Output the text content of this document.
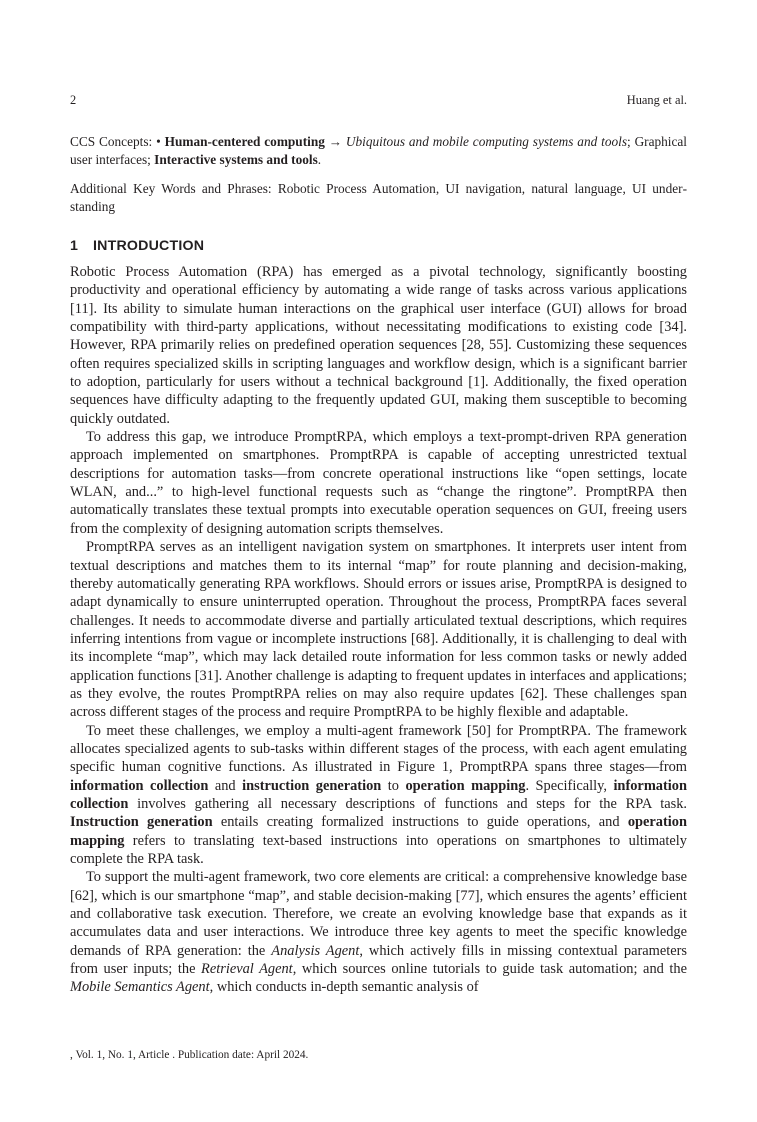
2	Huang et al.
CCS Concepts: • Human-centered computing → Ubiquitous and mobile computing systems and tools; Graphical user interfaces; Interactive systems and tools.
Additional Key Words and Phrases: Robotic Process Automation, UI navigation, natural language, UI understanding
1 INTRODUCTION

Robotic Process Automation (RPA) has emerged as a pivotal technology, significantly boosting productivity and operational efficiency by automating a wide range of tasks across various applications [11]. Its ability to simulate human interactions on the graphical user interface (GUI) allows for broad compatibility with third-party applications, without necessitating modifications to existing code [34]. However, RPA primarily relies on predefined operation sequences [28, 55]. Customizing these sequences often requires specialized skills in scripting languages and workflow design, which is a significant barrier to adoption, particularly for users without a technical background [1]. Additionally, the fixed operation sequences have difficulty adapting to the frequently updated GUI, making them susceptible to becoming quickly outdated.

To address this gap, we introduce PromptRPA, which employs a text-prompt-driven RPA generation approach implemented on smartphones. PromptRPA is capable of accepting unrestricted textual descriptions for automation tasks—from concrete operational instructions like “open settings, locate WLAN, and...” to high-level functional requests such as “change the ringtone”. PromptRPA then automatically translates these textual prompts into executable operation sequences on GUI, freeing users from the complexity of designing automation scripts themselves.

PromptRPA serves as an intelligent navigation system on smartphones. It interprets user intent from textual descriptions and matches them to its internal “map” for route planning and decision-making, thereby automatically generating RPA workflows. Should errors or issues arise, PromptRPA is designed to adapt dynamically to ensure uninterrupted operation. Throughout the process, PromptRPA faces several challenges. It needs to accommodate diverse and partially articulated textual descriptions, which requires inferring intentions from vague or incomplete instructions [68]. Additionally, it is challenging to deal with its incomplete “map”, which may lack detailed route information for less common tasks or newly added application functions [31]. Another challenge is adapting to frequent updates in interfaces and applications; as they evolve, the routes PromptRPA relies on may also require updates [62]. These challenges span across different stages of the process and require PromptRPA to be highly flexible and adaptable.

To meet these challenges, we employ a multi-agent framework [50] for PromptRPA. The framework allocates specialized agents to sub-tasks within different stages of the process, with each agent emulating specific human cognitive functions. As illustrated in Figure 1, PromptRPA spans three stages—from information collection and instruction generation to operation mapping. Specifically, information collection involves gathering all necessary descriptions of functions and steps for the RPA task. Instruction generation entails creating formalized instructions to guide operations, and operation mapping refers to translating text-based instructions into operations on smartphones to ultimately complete the RPA task.

To support the multi-agent framework, two core elements are critical: a comprehensive knowledge base [62], which is our smartphone “map”, and stable decision-making [77], which ensures the agents’ efficient and collaborative task execution. Therefore, we create an evolving knowledge base that expands as it accumulates data and user interactions. We introduce three key agents to meet the specific knowledge demands of RPA generation: the Analysis Agent, which actively fills in missing contextual parameters from user inputs; the Retrieval Agent, which sources online tutorials to guide task automation; and the Mobile Semantics Agent, which conducts in-depth semantic analysis of

, Vol. 1, No. 1, Article . Publication date: April 2024.
